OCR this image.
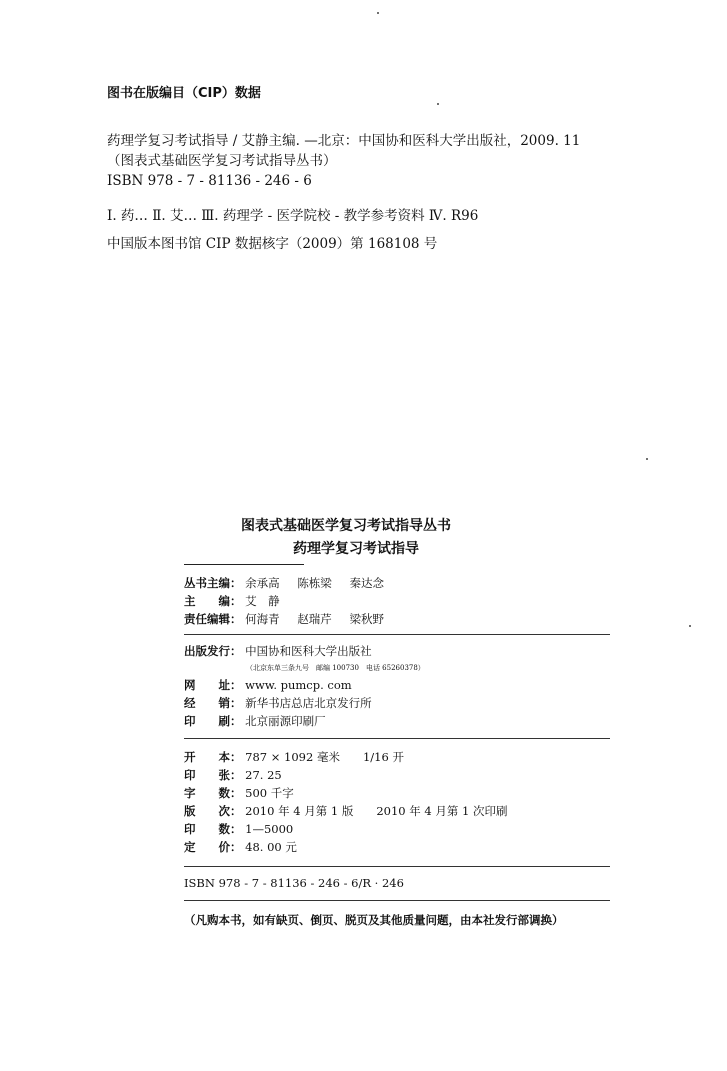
图书在版编目（CIP）数据
药理学复习考试指导 / 艾静主编. —北京：中国协和医科大学出版社，2009. 11
（图表式基础医学复习考试指导丛书）
ISBN 978 - 7 - 81136 - 246 - 6
Ⅰ. 药… Ⅱ. 艾… Ⅲ. 药理学 - 医学院校 - 教学参考资料 Ⅳ. R96
中国版本图书馆 CIP 数据核字（2009）第 168108 号
图表式基础医学复习考试指导丛书
药理学复习考试指导
丛书主编： 余承高 陈栋梁 秦达念
主　　编： 艾　静
责任编辑： 何海青 赵瑞芹 梁秋野
出版发行： 中国协和医科大学出版社
（北京东单三条九号　邮编 100730　电话 65260378）
网　　址： www. pumcp. com
经　　销： 新华书店总店北京发行所
印　　刷： 北京丽源印刷厂
开　　本： 787 × 1092 毫米　　1/16 开
印　　张： 27. 25
字　　数： 500 千字
版　　次： 2010 年 4 月第 1 版　　2010 年 4 月第 1 次印刷
印　　数： 1—5000
定　　价： 48. 00 元
ISBN 978 - 7 - 81136 - 246 - 6/R · 246
（凡购本书，如有缺页、倒页、脱页及其他质量问题，由本社发行部调换）
